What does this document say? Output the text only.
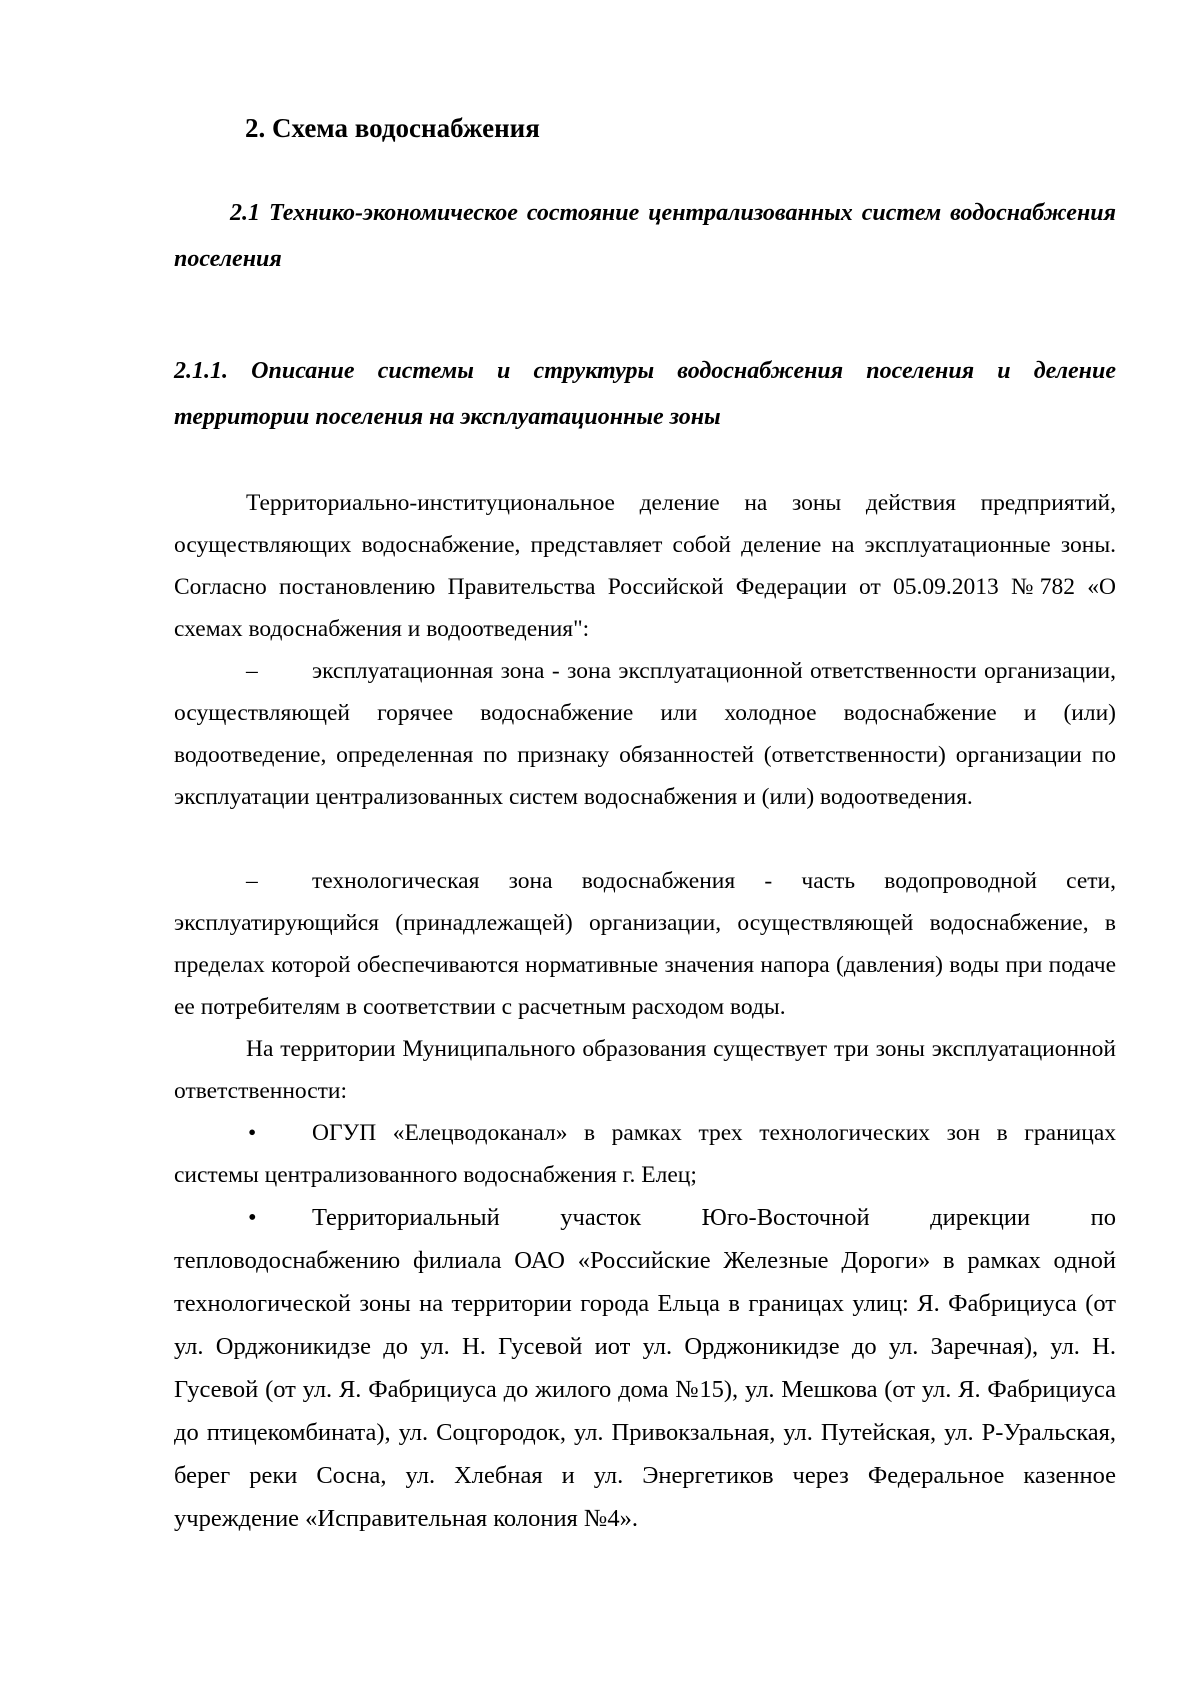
2. Схема водоснабжения
2.1 Технико-экономическое состояние централизованных систем водоснабжения поселения
2.1.1. Описание системы и структуры водоснабжения поселения и деление территории поселения на эксплуатационные зоны

Территориально-институциональное деление на зоны действия предприятий, осуществляющих водоснабжение, представляет собой деление на эксплуатационные зоны. Согласно постановлению Правительства Российской Федерации от 05.09.2013 №782 «О схемах водоснабжения и водоотведения":

– эксплуатационная зона - зона эксплуатационной ответственности организации, осуществляющей горячее водоснабжение или холодное водоснабжение и (или) водоотведение, определенная по признаку обязанностей (ответственности) организации по эксплуатации централизованных систем водоснабжения и (или) водоотведения.

– технологическая зона водоснабжения - часть водопроводной сети, эксплуатирующийся (принадлежащей) организации, осуществляющей водоснабжение, в пределах которой обеспечиваются нормативные значения напора (давления) воды при подаче ее потребителям в соответствии с расчетным расходом воды.

На территории Муниципального образования существует три зоны эксплуатационной ответственности:

• ОГУП «Елецводоканал» в рамках трех технологических зон в границах системы централизованного водоснабжения г. Елец;

• Территориальный участок Юго-Восточной дирекции по тепловодоснабжению филиала ОАО «Российские Железные Дороги» в рамках одной технологической зоны на территории города Ельца в границах улиц: Я. Фабрициуса (от ул. Орджоникидзе до ул. Н. Гусевой иот ул. Орджоникидзе до ул. Заречная), ул. Н. Гусевой (от ул. Я. Фабрициуса до жилого дома №15), ул. Мешкова (от ул. Я. Фабрициуса до птицекомбината), ул. Соцгородок, ул. Привокзальная, ул. Путейская, ул. Р-Уральская, берег реки Сосна, ул. Хлебная и ул. Энергетиков через Федеральное казенное учреждение «Исправительная колония №4».
